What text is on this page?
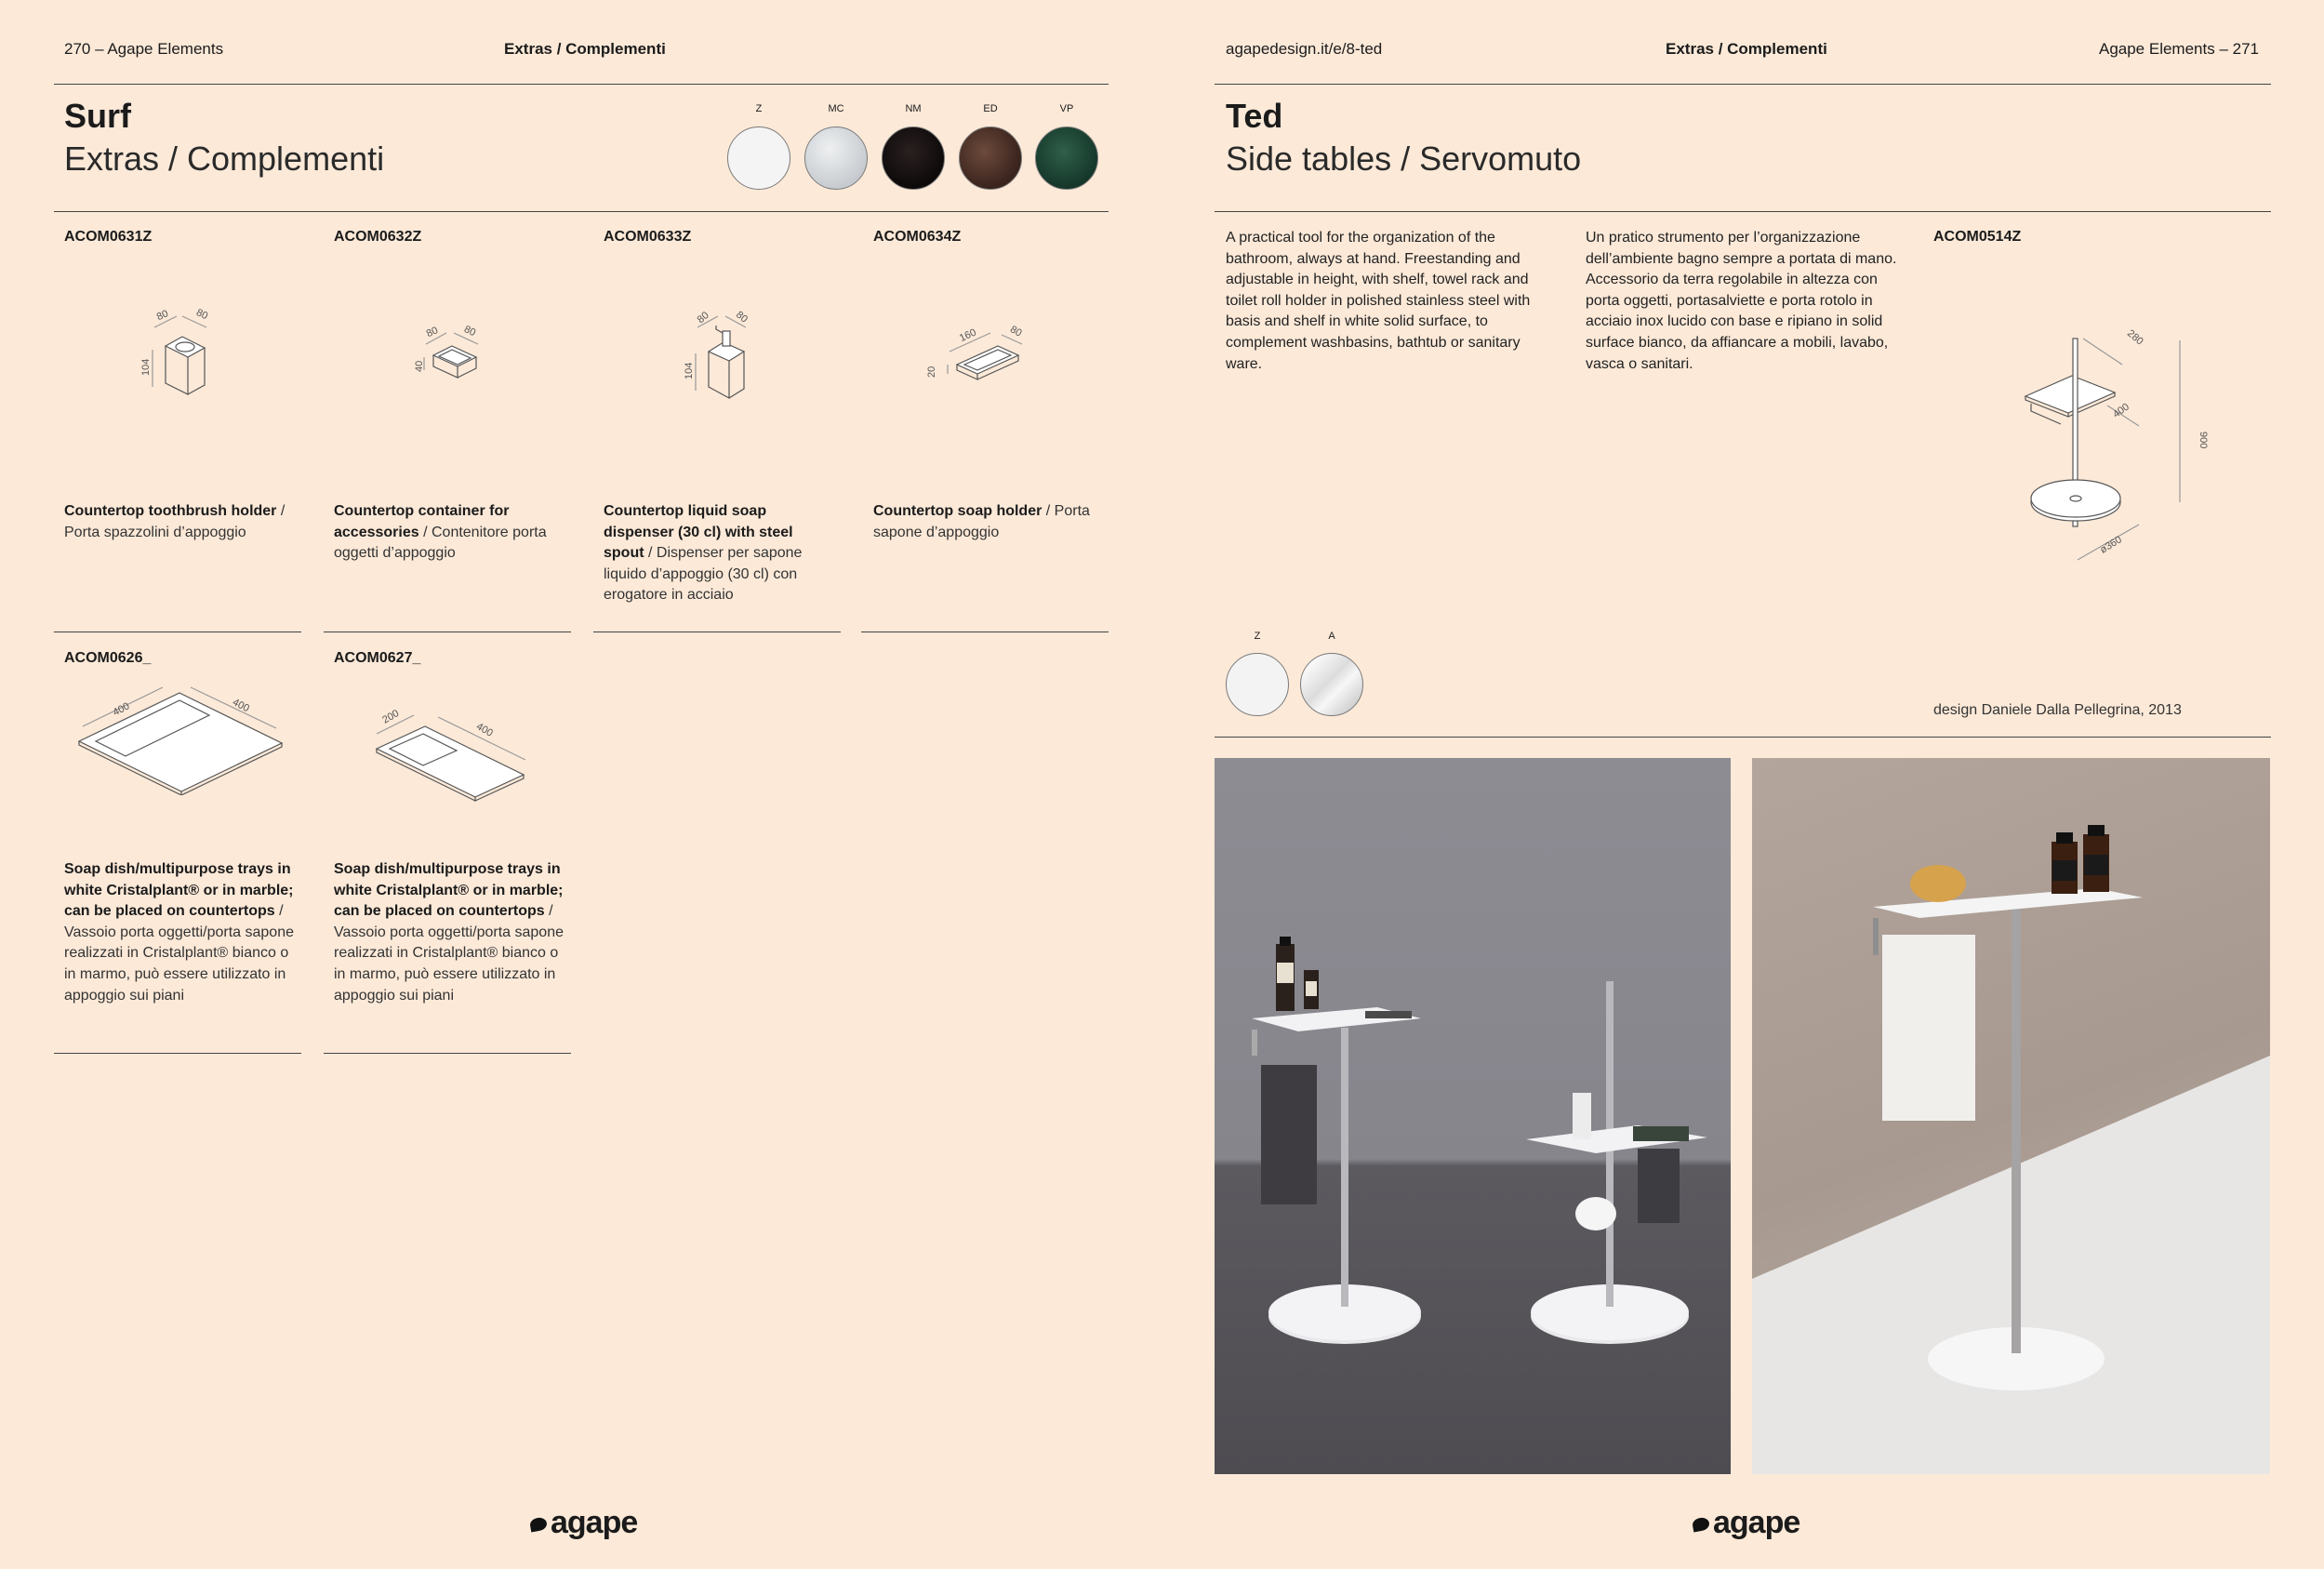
270 – Agape Elements	Extras / Complementi
Surf
Extras / Complementi
Z	MC	NM	ED	VP
ACOM0631Z	ACOM0632Z	ACOM0633Z	ACOM0634Z
80 80
104
80 80
40
80 80
104
160	80
20
Countertop toothbrush holder / Porta spazzolini d’appoggio
Countertop container for accessories / Contenitore porta oggetti d’appoggio
Countertop liquid soap dispenser (30 cl) with steel spout / Dispenser per sapone liquido d’appoggio (30 cl) con erogatore in acciaio
Countertop soap holder / Porta sapone d’appoggio
ACOM0626_	ACOM0627_
400	400
200
400
Soap dish/multipurpose trays in white Cristalplant® or in marble; can be placed on countertops / Vassoio porta oggetti/porta sapone realizzati in Cristalplant® bianco o in marmo, può essere utilizzato in appoggio sui piani
Soap dish/multipurpose trays in white Cristalplant® or in marble; can be placed on countertops / Vassoio porta oggetti/porta sapone realizzati in Cristalplant® bianco o in marmo, può essere utilizzato in appoggio sui piani
agape
agapedesign.it/e/8-ted	Extras / Complementi	Agape Elements – 271
Ted
Side tables / Servomuto
A practical tool for the organization of the bathroom, always at hand. Freestanding and adjustable in height, with shelf, towel rack and toilet roll holder in polished stainless steel with basis and shelf in white solid surface, to complement washbasins, bathtub or sanitary ware.
Un pratico strumento per l’organizzazione dell’ambiente bagno sempre a portata di mano. Accessorio da terra regolabile in altezza con porta oggetti, portasalviette e porta rotolo in acciaio inox lucido con base e ripiano in solid surface bianco, da affiancare a mobili, lavabo, vasca o sanitari.
ACOM0514Z
280
400
900
ø360
Z	A
design Daniele Dalla Pellegrina, 2013
agape
